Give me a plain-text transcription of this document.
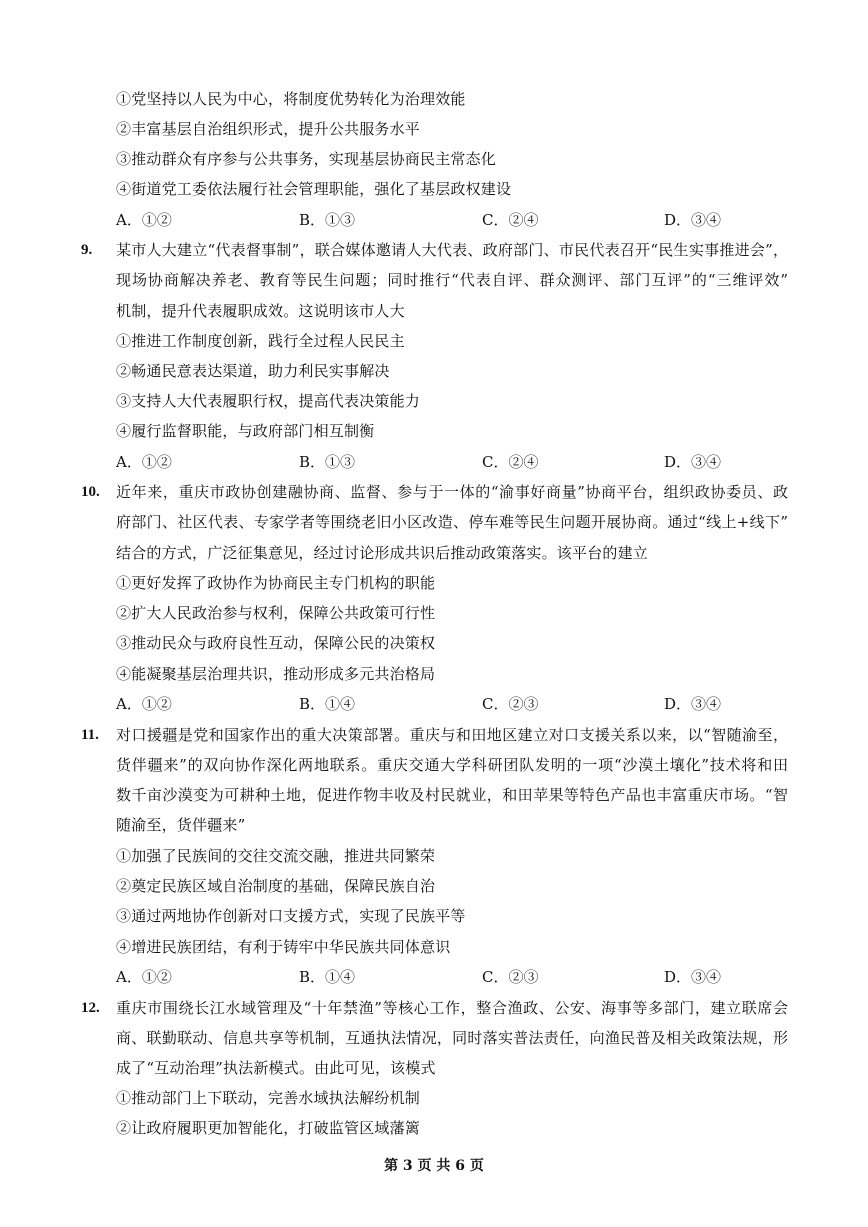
①党坚持以人民为中心，将制度优势转化为治理效能
②丰富基层自治组织形式，提升公共服务水平
③推动群众有序参与公共事务，实现基层协商民主常态化
④街道党工委依法履行社会管理职能，强化了基层政权建设
A．①②	B．①③	C．②④	D．③④
9. 某市人大建立“代表督事制”，联合媒体邀请人大代表、政府部门、市民代表召开“民生实事推进会”，
现场协商解决养老、教育等民生问题；同时推行“代表自评、群众测评、部门互评”的“三维评效”
机制，提升代表履职成效。这说明该市人大
①推进工作制度创新，践行全过程人民民主
②畅通民意表达渠道，助力利民实事解决
③支持人大代表履职行权，提高代表决策能力
④履行监督职能，与政府部门相互制衡
A．①②	B．①③	C．②④	D．③④
10. 近年来，重庆市政协创建融协商、监督、参与于一体的“渝事好商量”协商平台，组织政协委员、政
府部门、社区代表、专家学者等围绕老旧小区改造、停车难等民生问题开展协商。通过“线上+线下”
结合的方式，广泛征集意见，经过讨论形成共识后推动政策落实。该平台的建立
①更好发挥了政协作为协商民主专门机构的职能
②扩大人民政治参与权利，保障公共政策可行性
③推动民众与政府良性互动，保障公民的决策权
④能凝聚基层治理共识，推动形成多元共治格局
A．①②	B．①④	C．②③	D．③④
11. 对口援疆是党和国家作出的重大决策部署。重庆与和田地区建立对口支援关系以来，以“智随渝至，
货伴疆来”的双向协作深化两地联系。重庆交通大学科研团队发明的一项“沙漠土壤化”技术将和田
数千亩沙漠变为可耕种土地，促进作物丰收及村民就业，和田苹果等特色产品也丰富重庆市场。“智
随渝至，货伴疆来”
①加强了民族间的交往交流交融，推进共同繁荣
②奠定民族区域自治制度的基础，保障民族自治
③通过两地协作创新对口支援方式，实现了民族平等
④增进民族团结，有利于铸牢中华民族共同体意识
A．①②	B．①④	C．②③	D．③④
12. 重庆市围绕长江水域管理及“十年禁渔”等核心工作，整合渔政、公安、海事等多部门，建立联席会
商、联勤联动、信息共享等机制，互通执法情况，同时落实普法责任，向渔民普及相关政策法规，形
成了“互动治理”执法新模式。由此可见，该模式
①推动部门上下联动，完善水域执法解纷机制
②让政府履职更加智能化，打破监管区域藩篱
第 3 页 共 6 页
